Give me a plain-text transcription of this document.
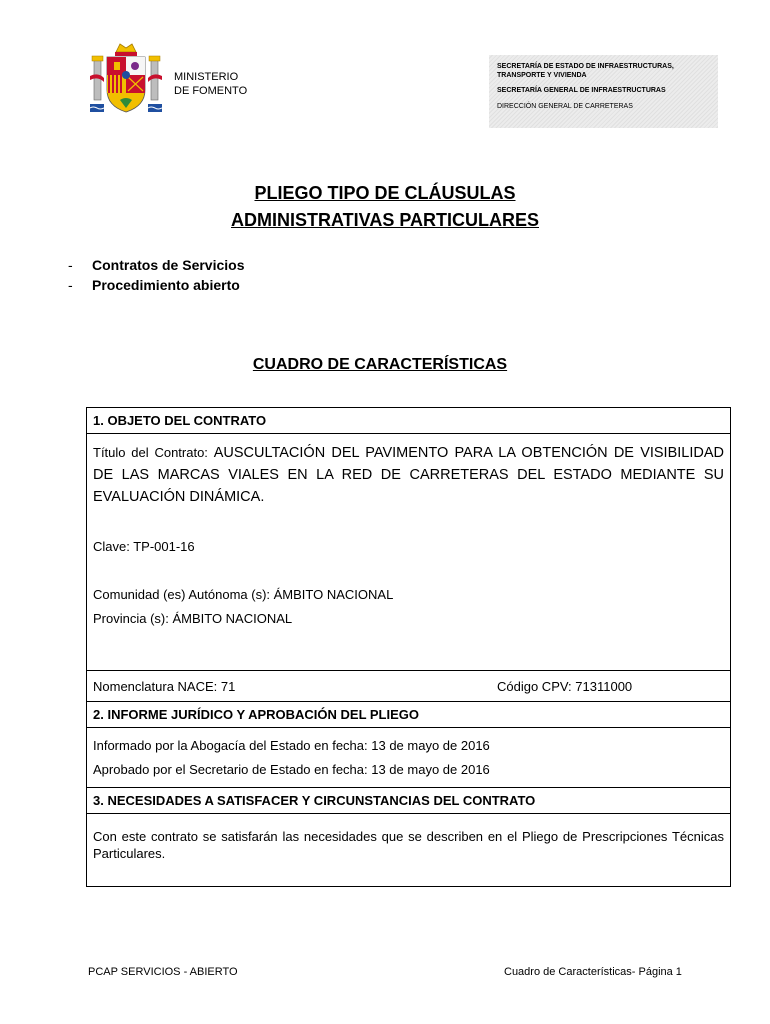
MINISTERIO
DE FOMENTO
SECRETARÍA DE ESTADO DE INFRAESTRUCTURAS,
TRANSPORTE Y VIVIENDA
SECRETARÍA GENERAL DE INFRAESTRUCTURAS
DIRECCIÓN GENERAL DE CARRETERAS
PLIEGO TIPO DE CLÁUSULAS
ADMINISTRATIVAS PARTICULARES
- Contratos de Servicios
- Procedimiento abierto
CUADRO DE CARACTERÍSTICAS
1. OBJETO DEL CONTRATO
Título del Contrato: AUSCULTACIÓN DEL PAVIMENTO PARA LA OBTENCIÓN DE VISIBILIDAD DE LAS MARCAS VIALES EN LA RED DE CARRETERAS DEL ESTADO MEDIANTE SU EVALUACIÓN DINÁMICA.
Clave: TP-001-16
Comunidad (es) Autónoma (s): ÁMBITO NACIONAL
Provincia (s): ÁMBITO NACIONAL
Nomenclatura NACE: 71	Código CPV: 71311000
2. INFORME JURÍDICO Y APROBACIÓN DEL PLIEGO
Informado por la Abogacía del Estado en fecha: 13 de mayo de 2016
Aprobado por el Secretario de Estado en fecha: 13 de mayo de 2016
3. NECESIDADES A SATISFACER Y CIRCUNSTANCIAS DEL CONTRATO
Con este contrato se satisfarán las necesidades que se describen en el Pliego de Prescripciones Técnicas Particulares.
PCAP SERVICIOS - ABIERTO	Cuadro de Características- Página 1
